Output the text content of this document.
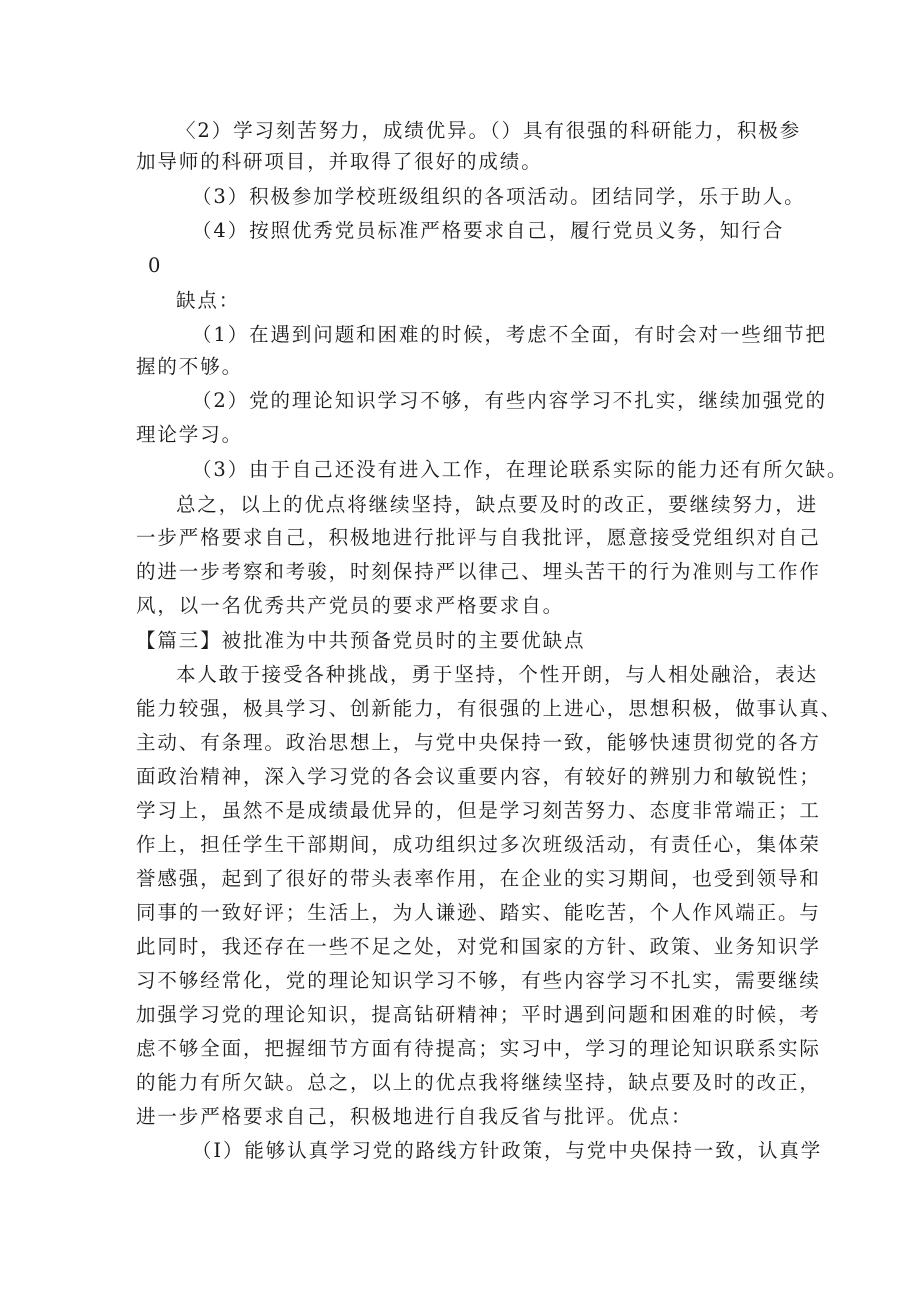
〈2）学习刻苦努力，成绩优异。（）具有很强的科研能力，积极参
加导师的科研项目，并取得了很好的成绩。
（3）积极参加学校班级组织的各项活动。团结同学，乐于助人。
（4）按照优秀党员标准严格要求自己，履行党员义务，知行合
0
缺点：
（1）在遇到问题和困难的时候，考虑不全面，有时会对一些细节把
握的不够。
（2）党的理论知识学习不够，有些内容学习不扎实，继续加强党的
理论学习。
（3）由于自己还没有进入工作，在理论联系实际的能力还有所欠缺。
总之，以上的优点将继续坚持，缺点要及时的改正，要继续努力，进
一步严格要求自己，积极地进行批评与自我批评，愿意接受党组织对自己
的进一步考察和考骏，时刻保持严以律己、埋头苦干的行为准则与工作作
风，以一名优秀共产党员的要求严格要求自。
【篇三】被批准为中共预备党员时的主要优缺点
本人敢于接受各种挑战，勇于坚持，个性开朗，与人相处融洽，表达
能力较强，极具学习、创新能力，有很强的上进心，思想积极，做事认真、
主动、有条理。政治思想上，与党中央保持一致，能够快速贯彻党的各方
面政治精神，深入学习党的各会议重要内容，有较好的辨别力和敏锐性；
学习上，虽然不是成绩最优异的，但是学习刻苦努力、态度非常端正；工
作上，担任学生干部期间，成功组织过多次班级活动，有责任心，集体荣
誉感强，起到了很好的带头表率作用，在企业的实习期间，也受到领导和
同事的一致好评；生活上，为人谦逊、踏实、能吃苦，个人作风端正。与
此同时，我还存在一些不足之处，对党和国家的方针、政策、业务知识学
习不够经常化，党的理论知识学习不够，有些内容学习不扎实，需要继续
加强学习党的理论知识，提高钻研精神；平时遇到问题和困难的时候，考
虑不够全面，把握细节方面有待提高；实习中，学习的理论知识联系实际
的能力有所欠缺。总之，以上的优点我将继续坚持，缺点要及时的改正，
进一步严格要求自己，积极地进行自我反省与批评。优点：
（I）能够认真学习党的路线方针政策，与党中央保持一致，认真学
